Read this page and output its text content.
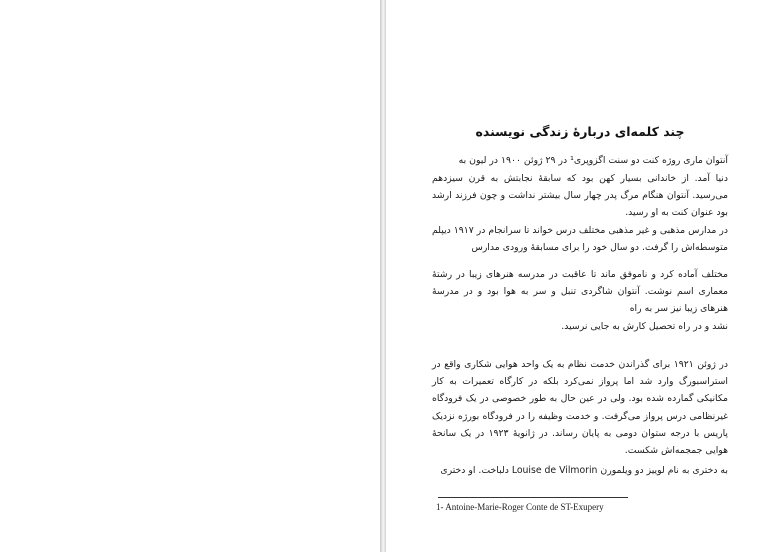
چند کلمه‌ای دربارهٔ زندگی نویسنده

آنتوان ماری روژه کنت دو سنت اگزوپری¹ در ۲۹ ژوئن ۱۹۰۰ در لیون به

دنیا آمد. از خاندانی بسیار کهن بود که سابقهٔ نجابتش به قرن سیزدهم می‌رسید. آنتوان هنگام مرگ پدر چهار سال بیشتر نداشت و چون فرزند ارشد بود عنوان کنت به او رسید.

در مدارس مذهبی و غیر مذهبی مختلف درس خواند تا سرانجام در ۱۹۱۷ دیپلم متوسطه‌اش را گرفت. دو سال خود را برای مسابقهٔ ورودی مدارس

مختلف آماده کرد و ناموفق ماند تا عاقبت در مدرسه هنرهای زیبا در رشتهٔ معماری اسم نوشت. آنتوان شاگردی تنبل و سر به هوا بود و در مدرسهٔ هنرهای زیبا نیز سر به راه

نشد و در راه تحصیل کارش به جایی نرسید.

در ژوئن ۱۹۲۱ برای گذراندن خدمت نظام به یک واحد هوایی شکاری واقع در استراسبورگ وارد شد اما پرواز نمی‌کرد بلکه در کارگاه تعمیرات به کار مکانیکی گمارده شده بود. ولی در عین حال به طور خصوصی در یک فرودگاه غیرنظامی درس پرواز می‌گرفت. و خدمت وظیفه را در فرودگاه بورژه نزدیک پاریس با درجه ستوان دومی به پایان رساند. در ژانویهٔ ۱۹۲۳ در یک سانحهٔ هوایی جمجمه‌اش شکست.

به دختری به نام لوییز دو ویلمورن Louise de Vilmorin دلباخت. او دختری

1- Antoine-Marie-Roger Conte de ST-Exupery
